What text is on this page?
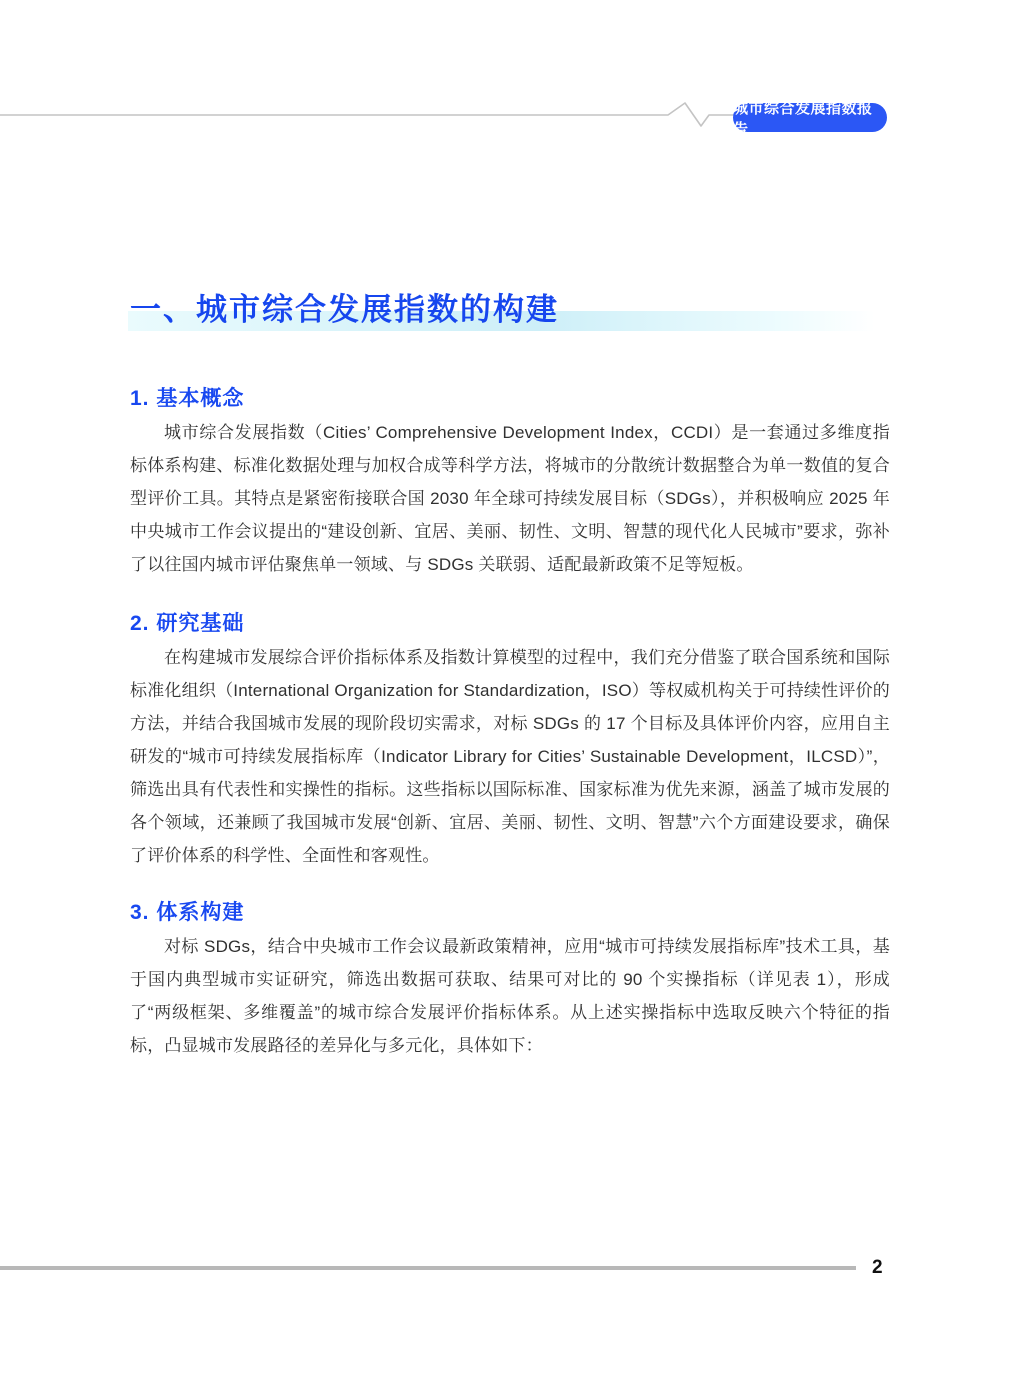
城市综合发展指数报告
一、城市综合发展指数的构建
1. 基本概念

城市综合发展指数（Cities’ Comprehensive Development Index，CCDI）是一套通过多维度指标体系构建、标准化数据处理与加权合成等科学方法，将城市的分散统计数据整合为单一数值的复合型评价工具。其特点是紧密衔接联合国 2030 年全球可持续发展目标（SDGs），并积极响应 2025 年中央城市工作会议提出的“建设创新、宜居、美丽、韧性、文明、智慧的现代化人民城市”要求，弥补了以往国内城市评估聚焦单一领域、与 SDGs 关联弱、适配最新政策不足等短板。

2. 研究基础

在构建城市发展综合评价指标体系及指数计算模型的过程中，我们充分借鉴了联合国系统和国际标准化组织（International Organization for Standardization，ISO）等权威机构关于可持续性评价的方法，并结合我国城市发展的现阶段切实需求，对标 SDGs 的 17 个目标及具体评价内容，应用自主研发的“城市可持续发展指标库（Indicator Library for Cities’ Sustainable Development，ILCSD）”，筛选出具有代表性和实操性的指标。这些指标以国际标准、国家标准为优先来源，涵盖了城市发展的各个领域，还兼顾了我国城市发展“创新、宜居、美丽、韧性、文明、智慧”六个方面建设要求，确保了评价体系的科学性、全面性和客观性。

3. 体系构建

对标 SDGs，结合中央城市工作会议最新政策精神，应用“城市可持续发展指标库”技术工具，基于国内典型城市实证研究，筛选出数据可获取、结果可对比的 90 个实操指标（详见表 1），形成了“两级框架、多维覆盖”的城市综合发展评价指标体系。从上述实操指标中选取反映六个特征的指标，凸显城市发展路径的差异化与多元化，具体如下：

2
